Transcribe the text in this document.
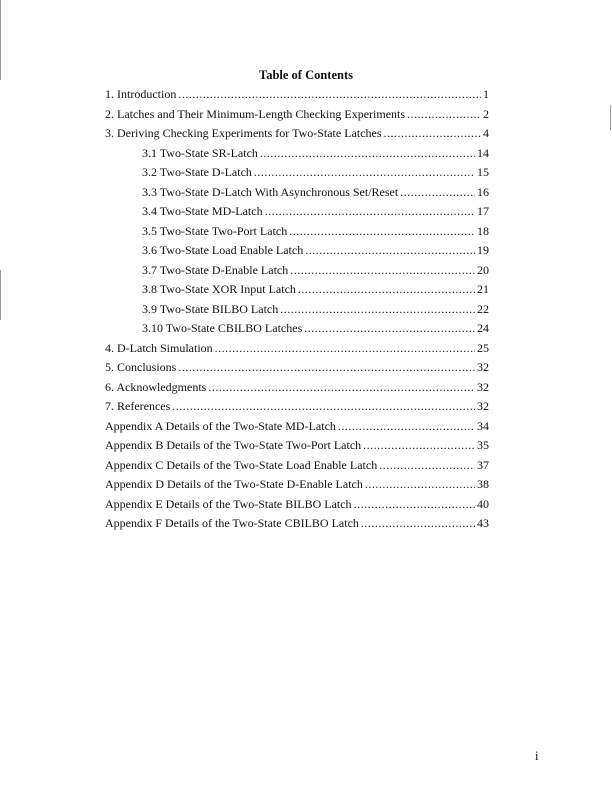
Table of Contents
1. Introduction .....	1
2. Latches and Their Minimum-Length Checking Experiments .....	2
3. Deriving Checking Experiments for Two-State Latches .....	4
3.1 Two-State SR-Latch .....	14
3.2 Two-State D-Latch .....	15
3.3 Two-State D-Latch With Asynchronous Set/Reset .....	16
3.4 Two-State MD-Latch .....	17
3.5 Two-State Two-Port Latch .....	18
3.6 Two-State Load Enable Latch .....	19
3.7 Two-State D-Enable Latch .....	20
3.8 Two-State XOR Input Latch .....	21
3.9 Two-State BILBO Latch .....	22
3.10 Two-State CBILBO Latches .....	24
4. D-Latch Simulation .....	25
5. Conclusions .....	32
6. Acknowledgments .....	32
7. References .....	32
Appendix A Details of the Two-State MD-Latch .....	34
Appendix B Details of the Two-State Two-Port Latch .....	35
Appendix C Details of the Two-State Load Enable Latch .....	37
Appendix D Details of the Two-State D-Enable Latch .....	38
Appendix E Details of the Two-State BILBO Latch .....	40
Appendix F Details of the Two-State CBILBO Latch .....	43
i
